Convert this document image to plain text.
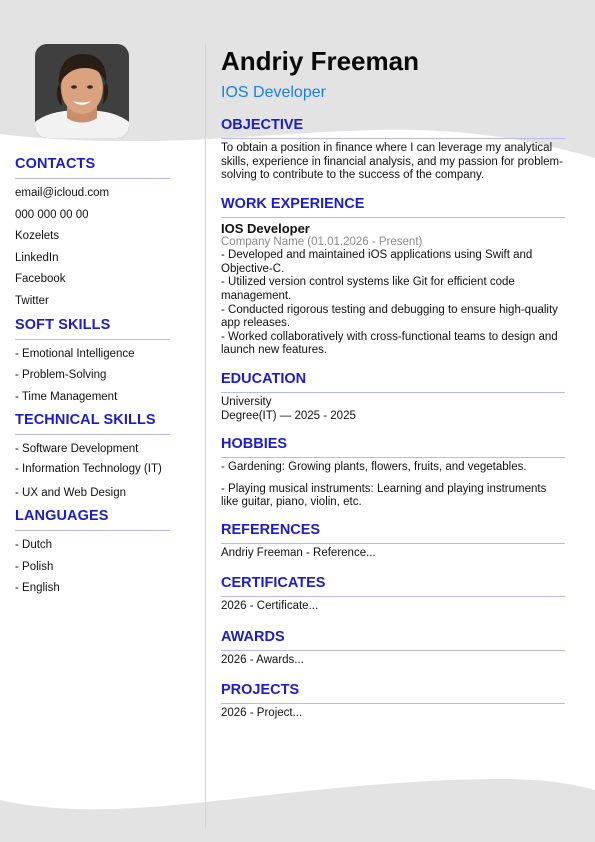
CONTACTS
email@icloud.com
000 000 00 00
Kozelets
LinkedIn
Facebook
Twitter
SOFT SKILLS
- Emotional Intelligence
- Problem-Solving
- Time Management
TECHNICAL SKILLS
- Software Development
- Information Technology (IT)
- UX and Web Design
LANGUAGES
- Dutch
- Polish
- English
Andriy Freeman
IOS Developer
OBJECTIVE
To obtain a position in finance where I can leverage my analytical skills, experience in financial analysis, and my passion for problem-solving to contribute to the success of the company.
WORK EXPERIENCE
IOS Developer
Company Name (01.01.2026 - Present)
- Developed and maintained iOS applications using Swift and Objective-C.
- Utilized version control systems like Git for efficient code management.
- Conducted rigorous testing and debugging to ensure high-quality app releases.
- Worked collaboratively with cross-functional teams to design and launch new features.
EDUCATION
University
Degree(IT) — 2025 - 2025
HOBBIES
- Gardening: Growing plants, flowers, fruits, and vegetables.
- Playing musical instruments: Learning and playing instruments like guitar, piano, violin, etc.
REFERENCES
Andriy Freeman - Reference...
CERTIFICATES
2026 - Certificate...
AWARDS
2026 - Awards...
PROJECTS
2026 - Project...
